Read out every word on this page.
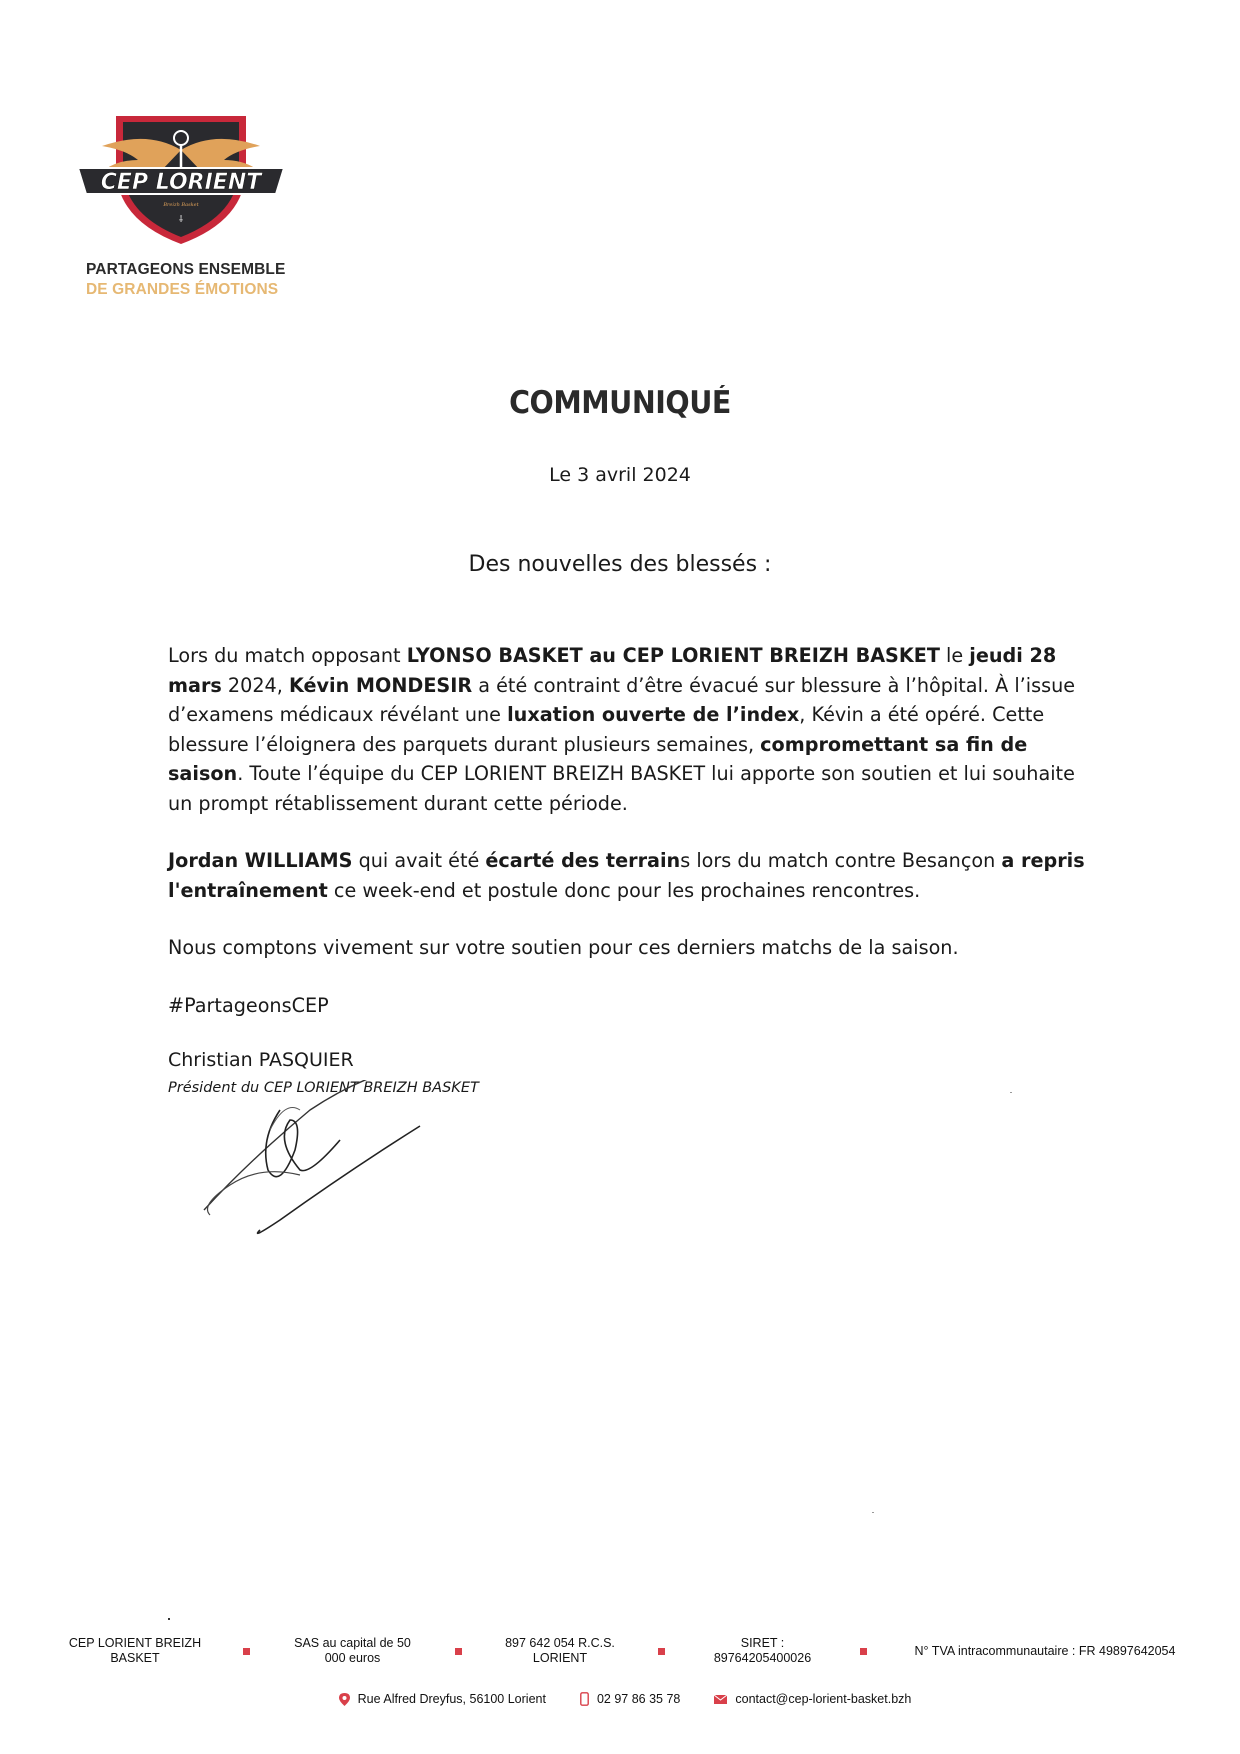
CEP LORIENT
Breizh Basket
⸸
PARTAGEONS ENSEMBLE
DE GRANDES ÉMOTIONS
COMMUNIQUÉ
Le 3 avril 2024
Des nouvelles des blessés :

Lors du match opposant LYONSO BASKET au CEP LORIENT BREIZH BASKET le jeudi 28 mars 2024, Kévin MONDESIR a été contraint d’être évacué sur blessure à l’hôpital. À l’issue d’examens médicaux révélant une luxation ouverte de l’index, Kévin a été opéré. Cette blessure l’éloignera des parquets durant plusieurs semaines, compromettant sa fin de saison. Toute l’équipe du CEP LORIENT BREIZH BASKET lui apporte son soutien et lui souhaite un prompt rétablissement durant cette période.

Jordan WILLIAMS qui avait été écarté des terrains lors du match contre Besançon a repris l'entraînement ce week-end et postule donc pour les prochaines rencontres.

Nous comptons vivement sur votre soutien pour ces derniers matchs de la saison.

#PartageonsCEP

Christian PASQUIER
Président du CEP LORIENT BREIZH BASKET
CEP LORIENT BREIZH BASKET
SAS au capital de 50 000 euros
897 642 054 R.C.S. LORIENT
SIRET :
89764205400026	N° TVA intracommunautaire : FR 49897642054
Rue Alfred Dreyfus, 56100 Lorient	02 97 86 35 78	contact@cep-lorient-basket.bzh
